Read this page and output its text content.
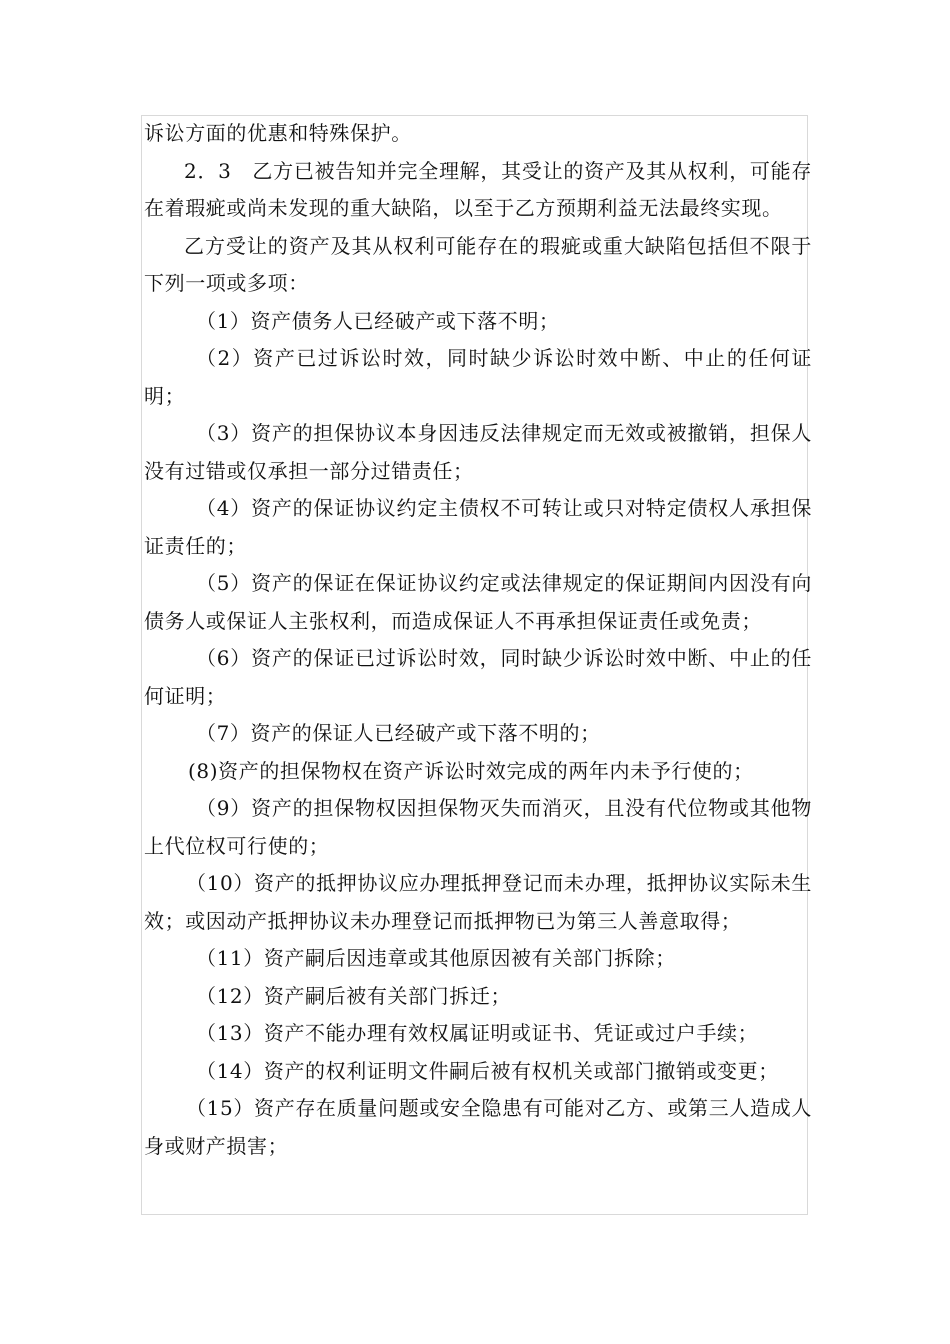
诉讼方面的优惠和特殊保护。

2．3　乙方已被告知并完全理解，其受让的资产及其从权利，可能存在着瑕疵或尚未发现的重大缺陷，以至于乙方预期利益无法最终实现。

乙方受让的资产及其从权利可能存在的瑕疵或重大缺陷包括但不限于下列一项或多项：

（1）资产债务人已经破产或下落不明；

（2）资产已过诉讼时效，同时缺少诉讼时效中断、中止的任何证明；

（3）资产的担保协议本身因违反法律规定而无效或被撤销，担保人没有过错或仅承担一部分过错责任；

（4）资产的保证协议约定主债权不可转让或只对特定债权人承担保证责任的；

（5）资产的保证在保证协议约定或法律规定的保证期间内因没有向债务人或保证人主张权利，而造成保证人不再承担保证责任或免责；

（6）资产的保证已过诉讼时效，同时缺少诉讼时效中断、中止的任何证明；

（7）资产的保证人已经破产或下落不明的；

(8)资产的担保物权在资产诉讼时效完成的两年内未予行使的；

（9）资产的担保物权因担保物灭失而消灭，且没有代位物或其他物上代位权可行使的；

（10）资产的抵押协议应办理抵押登记而未办理，抵押协议实际未生效；或因动产抵押协议未办理登记而抵押物已为第三人善意取得；

（11）资产嗣后因违章或其他原因被有关部门拆除；

（12）资产嗣后被有关部门拆迁；

（13）资产不能办理有效权属证明或证书、凭证或过户手续；

（14）资产的权利证明文件嗣后被有权机关或部门撤销或变更；

（15）资产存在质量问题或安全隐患有可能对乙方、或第三人造成人身或财产损害；
